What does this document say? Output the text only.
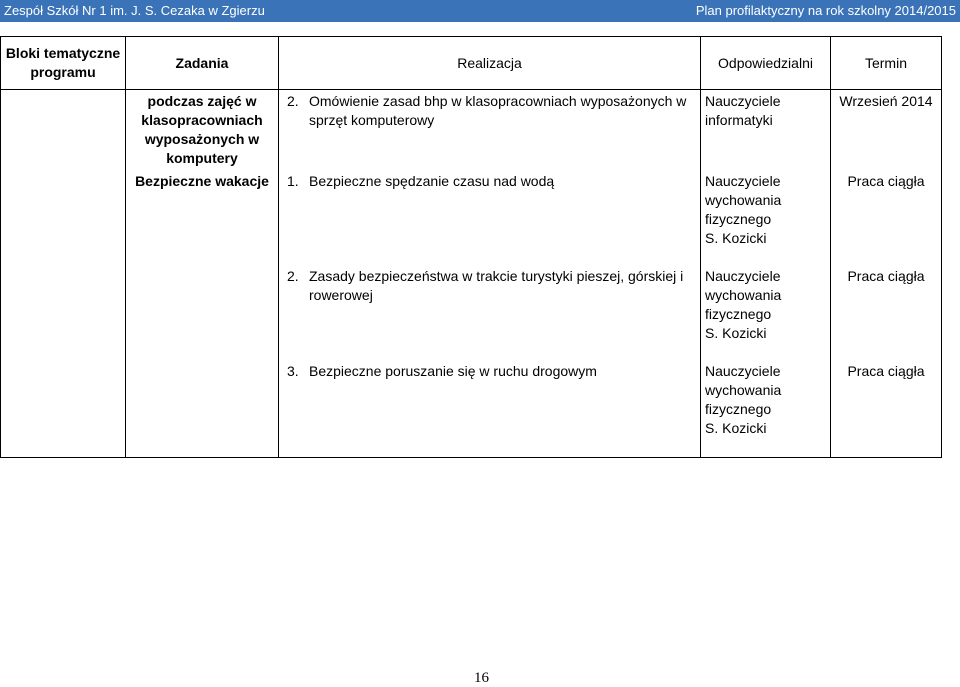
Zespół Szkół Nr 1 im. J. S. Cezaka w Zgierzu	Plan profilaktyczny na rok szkolny 2014/2015
Bloki tematyczne programu	Zadania	Realizacja	Odpowiedzialni	Termin

	podczas zajęć w klasopracowniach wyposażonych w komputery	2. Omówienie zasad bhp w klasopracowniach wyposażonych w sprzęt komputerowy	Nauczyciele
informatyki	Wrzesień 2014

	Bezpieczne wakacje	1. Bezpieczne spędzanie czasu nad wodą	Nauczyciele
wychowania
fizycznego
S. Kozicki	Praca ciągła

		2. Zasady bezpieczeństwa w trakcie turystyki pieszej, górskiej i rowerowej	Nauczyciele
wychowania
fizycznego
S. Kozicki	Praca ciągła

		3. Bezpieczne poruszanie się w ruchu drogowym	Nauczyciele
wychowania
fizycznego
S. Kozicki	Praca ciągła
16
